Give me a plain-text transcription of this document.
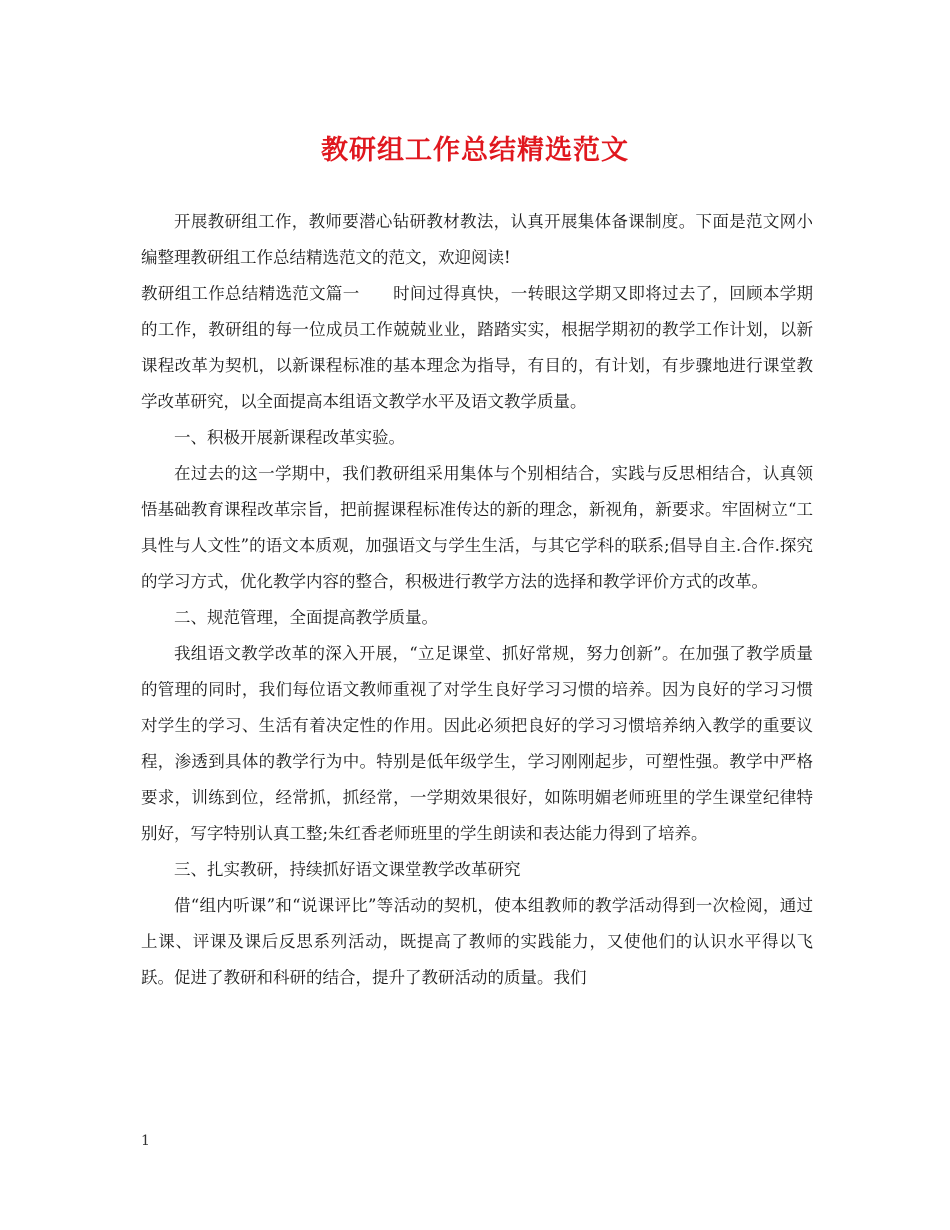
教研组工作总结精选范文

开展教研组工作，教师要潜心钻研教材教法，认真开展集体备课制度。下面是范文网小编整理教研组工作总结精选范文的范文，欢迎阅读!

教研组工作总结精选范文篇一　　时间过得真快，一转眼这学期又即将过去了，回顾本学期的工作，教研组的每一位成员工作兢兢业业，踏踏实实，根据学期初的教学工作计划，以新课程改革为契机，以新课程标准的基本理念为指导，有目的，有计划，有步骤地进行课堂教学改革研究，以全面提高本组语文教学水平及语文教学质量。

一、积极开展新课程改革实验。

在过去的这一学期中，我们教研组采用集体与个别相结合，实践与反思相结合，认真领悟基础教育课程改革宗旨，把前握课程标准传达的新的理念，新视角，新要求。牢固树立“工具性与人文性”的语文本质观，加强语文与学生生活，与其它学科的联系;倡导自主.合作.探究的学习方式，优化教学内容的整合，积极进行教学方法的选择和教学评价方式的改革。

二、规范管理，全面提高教学质量。

我组语文教学改革的深入开展，“立足课堂、抓好常规，努力创新”。在加强了教学质量的管理的同时，我们每位语文教师重视了对学生良好学习习惯的培养。因为良好的学习习惯对学生的学习、生活有着决定性的作用。因此必须把良好的学习习惯培养纳入教学的重要议程，渗透到具体的教学行为中。特别是低年级学生，学习刚刚起步，可塑性强。教学中严格要求，训练到位，经常抓，抓经常，一学期效果很好，如陈明媚老师班里的学生课堂纪律特别好，写字特别认真工整;朱红香老师班里的学生朗读和表达能力得到了培养。

三、扎实教研，持续抓好语文课堂教学改革研究

借“组内听课”和“说课评比”等活动的契机，使本组教师的教学活动得到一次检阅，通过上课、评课及课后反思系列活动，既提高了教师的实践能力，又使他们的认识水平得以飞跃。促进了教研和科研的结合，提升了教研活动的质量。我们

1
